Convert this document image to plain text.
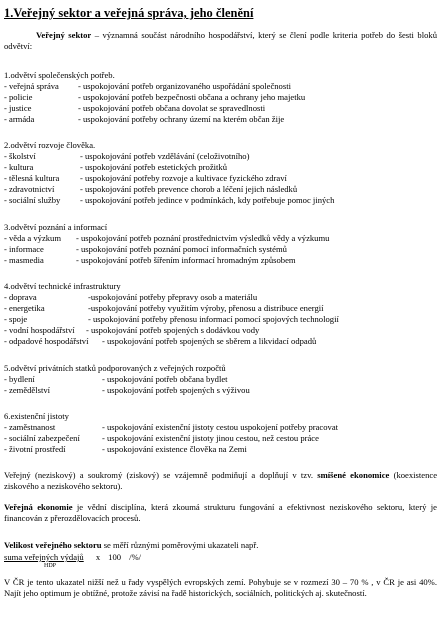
1.Veřejný sektor a veřejná správa, jeho členění
Veřejný sektor – významná součást národního hospodářství, který se člení podle kriteria potřeb do šesti bloků odvětví:
1.odvětví společenských potřeb.
- veřejná správa - uspokojování potřeb organizovaného uspořádání společnosti
- policie	- uspokojování potřeb bezpečnosti občana a ochrany jeho majetku
- justice	- uspokojování potřeb občana dovolat se spravedlnosti
- armáda	- uspokojování potřeby ochrany území na kterém občan žije
2.odvětví rozvoje člověka.
- školství	- uspokojování potřeb vzdělávání (celoživotního)
- kultura	- uspokojování potřeb estetických prožitků
- tělesná kultura - uspokojování potřeby rozvoje a kultivace fyzického zdraví
- zdravotnictví	- uspokojování potřeb prevence chorob a léčení jejich následků
- sociální služby - uspokojování potřeb jedince v podmínkách, kdy potřebuje pomoc jiných
3.odvětví poznání a informací
- věda a výzkum - uspokojování potřeb poznání prostřednictvím výsledků vědy a výzkumu
- informace	- uspokojování potřeb poznání pomocí informačních systémů
- masmedia	- uspokojování potřeb šířením informací hromadným způsobem
4.odvětví technické infrastruktury
- doprava	-uspokojování potřeby přepravy osob a materiálu
- energetika	-uspokojování potřeby využitím výroby, přenosu a distribuce energií
- spoje	- uspokojování potřeby přenosu informací pomocí spojových technologií
- vodní hospodářství - uspokojování potřeb spojených s dodávkou vody
- odpadové hospodářství - uspokojování potřeb spojených se sběrem a likvidací odpadů
5.odvětví privátních statků podporovaných z veřejných rozpočtů
- bydlení	- uspokojování potřeb občana bydlet
- zemědělství	- uspokojování potřeb spojených s výživou
6.existenční jistoty
- zaměstnanost	- uspokojování existenční jistoty cestou uspokojení potřeby pracovat
- sociální zabezpečení	- uspokojování existenční jistoty jinou cestou, než cestou práce
- životní prostředí	- uspokojování existence člověka na Zemi
Veřejný (neziskový) a soukromý (ziskový) se vzájemně podmiňují a doplňují v tzv. smíšené ekonomice (koexistence ziskového a neziskového sektoru).
Veřejná ekonomie je vědní disciplína, která zkoumá strukturu fungování a efektivnost neziskového sektoru, který je financován z přerozdělovacích procesů.
Velikost veřejného sektoru se měří různými poměrovými ukazateli např.
suma veřejných výdajů x 100 /%/
HDP
V ČR je tento ukazatel nižší než u řady vyspělých evropských zemí. Pohybuje se v rozmezí 30 – 70 % , v ČR je asi 40%. Najít jeho optimum je obtížné, protože závisí na řadě historických, sociálních, politických aj. skutečností.
